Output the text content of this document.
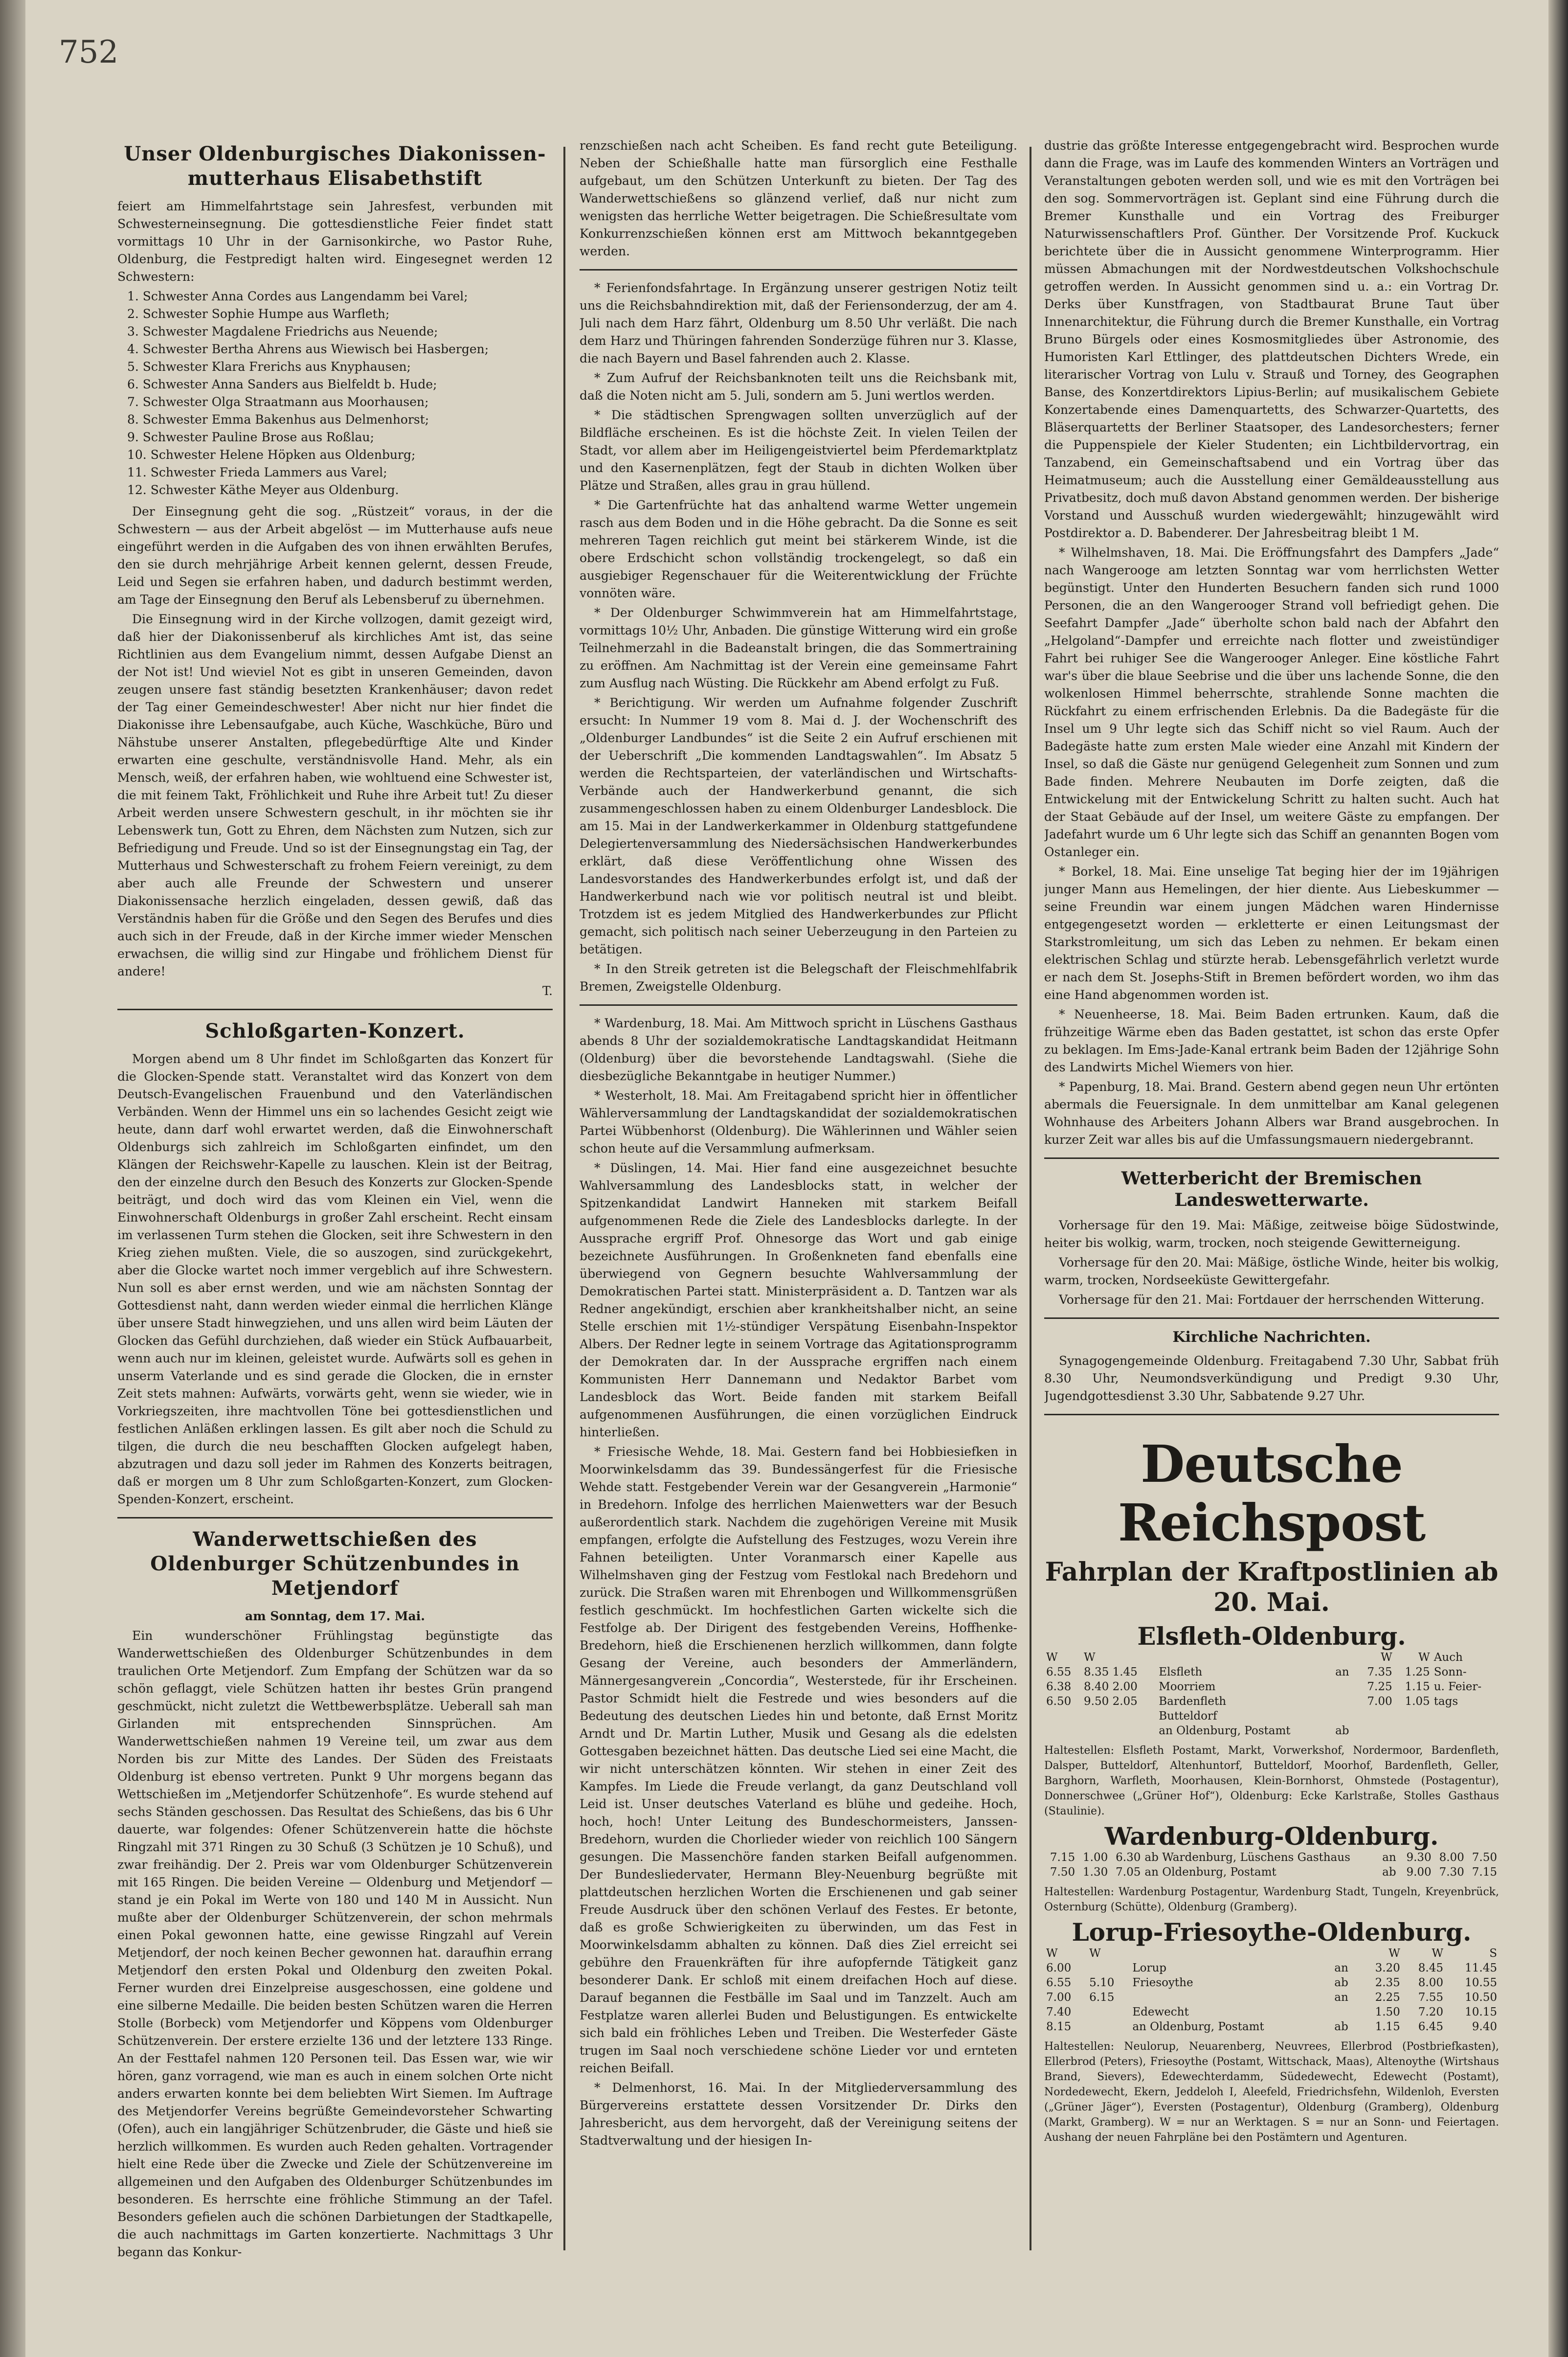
752
Unser Oldenburgisches Diakonissen-mutterhaus Elisabethstift

feiert am Himmelfahrtstage sein Jahresfest, verbunden mit Schwesterneinsegnung. Die gottesdienstliche Feier findet statt vormittags 10 Uhr in der Garnisonkirche, wo Pastor Ruhe, Oldenburg, die Festpredigt halten wird. Eingesegnet werden 12 Schwestern:

1. Schwester Anna Cordes aus Langendamm bei Varel;
2. Schwester Sophie Humpe aus Warfleth;
3. Schwester Magdalene Friedrichs aus Neuende;
4. Schwester Bertha Ahrens aus Wiewisch bei Hasbergen;
5. Schwester Klara Frerichs aus Knyphausen;
6. Schwester Anna Sanders aus Bielfeldt b. Hude;
7. Schwester Olga Straatmann aus Moorhausen;
8. Schwester Emma Bakenhus aus Delmenhorst;
9. Schwester Pauline Brose aus Roßlau;
10. Schwester Helene Höpken aus Oldenburg;
11. Schwester Frieda Lammers aus Varel;
12. Schwester Käthe Meyer aus Oldenburg.

Der Einsegnung geht die sog. „Rüstzeit“ voraus, in der die Schwestern — aus der Arbeit abgelöst — im Mutterhause aufs neue eingeführt werden in die Aufgaben des von ihnen erwählten Berufes, den sie durch mehrjährige Arbeit kennen gelernt, dessen Freude, Leid und Segen sie erfahren haben, und dadurch bestimmt werden, am Tage der Einsegnung den Beruf als Lebensberuf zu übernehmen.

Die Einsegnung wird in der Kirche vollzogen, damit gezeigt wird, daß hier der Diakonissenberuf als kirchliches Amt ist, das seine Richtlinien aus dem Evangelium nimmt, dessen Aufgabe Dienst an der Not ist! Und wieviel Not es gibt in unseren Gemeinden, davon zeugen unsere fast ständig besetzten Krankenhäuser; davon redet der Tag einer Gemeindeschwester! Aber nicht nur hier findet die Diakonisse ihre Lebensaufgabe, auch Küche, Waschküche, Büro und Nähstube unserer Anstalten, pflegebedürftige Alte und Kinder erwarten eine geschulte, verständnisvolle Hand. Mehr, als ein Mensch, weiß, der erfahren haben, wie wohltuend eine Schwester ist, die mit feinem Takt, Fröhlichkeit und Ruhe ihre Arbeit tut! Zu dieser Arbeit werden unsere Schwestern geschult, in ihr möchten sie ihr Lebenswerk tun, Gott zu Ehren, dem Nächsten zum Nutzen, sich zur Befriedigung und Freude. Und so ist der Einsegnungstag ein Tag, der Mutterhaus und Schwesterschaft zu frohem Feiern vereinigt, zu dem aber auch alle Freunde der Schwestern und unserer Diakonissensache herzlich eingeladen, dessen gewiß, daß das Verständnis haben für die Größe und den Segen des Berufes und dies auch sich in der Freude, daß in der Kirche immer wieder Menschen erwachsen, die willig sind zur Hingabe und fröhlichem Dienst für andere!

T.

Schloßgarten-Konzert.

Morgen abend um 8 Uhr findet im Schloßgarten das Konzert für die Glocken-Spende statt. Veranstaltet wird das Konzert von dem Deutsch-Evangelischen Frauenbund und den Vaterländischen Verbänden. Wenn der Himmel uns ein so lachendes Gesicht zeigt wie heute, dann darf wohl erwartet werden, daß die Einwohnerschaft Oldenburgs sich zahlreich im Schloßgarten einfindet, um den Klängen der Reichswehr-Kapelle zu lauschen. Klein ist der Beitrag, den der einzelne durch den Besuch des Konzerts zur Glocken-Spende beiträgt, und doch wird das vom Kleinen ein Viel, wenn die Einwohnerschaft Oldenburgs in großer Zahl erscheint. Recht einsam im verlassenen Turm stehen die Glocken, seit ihre Schwestern in den Krieg ziehen mußten. Viele, die so auszogen, sind zurückgekehrt, aber die Glocke wartet noch immer vergeblich auf ihre Schwestern. Nun soll es aber ernst werden, und wie am nächsten Sonntag der Gottesdienst naht, dann werden wieder einmal die herrlichen Klänge über unsere Stadt hinwegziehen, und uns allen wird beim Läuten der Glocken das Gefühl durchziehen, daß wieder ein Stück Aufbauarbeit, wenn auch nur im kleinen, geleistet wurde. Aufwärts soll es gehen in unserm Vaterlande und es sind gerade die Glocken, die in ernster Zeit stets mahnen: Aufwärts, vorwärts geht, wenn sie wieder, wie in Vorkriegszeiten, ihre machtvollen Töne bei gottesdienstlichen und festlichen Anläßen erklingen lassen. Es gilt aber noch die Schuld zu tilgen, die durch die neu beschafften Glocken aufgelegt haben, abzutragen und dazu soll jeder im Rahmen des Konzerts beitragen, daß er morgen um 8 Uhr zum Schloßgarten-Konzert, zum Glocken-Spenden-Konzert, erscheint.

Wanderwettschießen des Oldenburger Schützenbundes in Metjendorf

am Sonntag, dem 17. Mai.

Ein wunderschöner Frühlingstag begünstigte das Wanderwettschießen des Oldenburger Schützenbundes in dem traulichen Orte Metjendorf. Zum Empfang der Schützen war da so schön geflaggt, viele Schützen hatten ihr bestes Grün prangend geschmückt, nicht zuletzt die Wettbewerbsplätze. Ueberall sah man Girlanden mit entsprechenden Sinnsprüchen. Am Wanderwettschießen nahmen 19 Vereine teil, um zwar aus dem Norden bis zur Mitte des Landes. Der Süden des Freistaats Oldenburg ist ebenso vertreten. Punkt 9 Uhr morgens begann das Wettschießen im „Metjendorfer Schützenhofe“. Es wurde stehend auf sechs Ständen geschossen. Das Resultat des Schießens, das bis 6 Uhr dauerte, war folgendes: Ofener Schützenverein hatte die höchste Ringzahl mit 371 Ringen zu 30 Schuß (3 Schützen je 10 Schuß), und zwar freihändig. Der 2. Preis war vom Oldenburger Schützenverein mit 165 Ringen. Die beiden Vereine — Oldenburg und Metjendorf — stand je ein Pokal im Werte von 180 und 140 M in Aussicht. Nun mußte aber der Oldenburger Schützenverein, der schon mehrmals einen Pokal gewonnen hatte, eine gewisse Ringzahl auf Verein Metjendorf, der noch keinen Becher gewonnen hat. daraufhin errang Metjendorf den ersten Pokal und Oldenburg den zweiten Pokal. Ferner wurden drei Einzelpreise ausgeschossen, eine goldene und eine silberne Medaille. Die beiden besten Schützen waren die Herren Stolle (Borbeck) vom Metjendorfer und Köppens vom Oldenburger Schützenverein. Der erstere erzielte 136 und der letztere 133 Ringe. An der Festtafel nahmen 120 Personen teil. Das Essen war, wie wir hören, ganz vorragend, wie man es auch in einem solchen Orte nicht anders erwarten konnte bei dem beliebten Wirt Siemen. Im Auftrage des Metjendorfer Vereins begrüßte Gemeindevorsteher Schwarting (Ofen), auch ein langjähriger Schützenbruder, die Gäste und hieß sie herzlich willkommen. Es wurden auch Reden gehalten. Vortragender hielt eine Rede über die Zwecke und Ziele der Schützenvereine im allgemeinen und den Aufgaben des Oldenburger Schützenbundes im besonderen. Es herrschte eine fröhliche Stimmung an der Tafel. Besonders gefielen auch die schönen Darbietungen der Stadtkapelle, die auch nachmittags im Garten konzertierte. Nachmittags 3 Uhr begann das Konkur-

renzschießen nach acht Scheiben. Es fand recht gute Beteiligung. Neben der Schießhalle hatte man fürsorglich eine Festhalle aufgebaut, um den Schützen Unterkunft zu bieten. Der Tag des Wanderwettschießens so glänzend verlief, daß nur nicht zum wenigsten das herrliche Wetter beigetragen. Die Schießresultate vom Konkurrenzschießen können erst am Mittwoch bekanntgegeben werden.

* Ferienfondsfahrtage. In Ergänzung unserer gestrigen Notiz teilt uns die Reichsbahndirektion mit, daß der Feriensonderzug, der am 4. Juli nach dem Harz fährt, Oldenburg um 8.50 Uhr verläßt. Die nach dem Harz und Thüringen fahrenden Sonderzüge führen nur 3. Klasse, die nach Bayern und Basel fahrenden auch 2. Klasse.

* Zum Aufruf der Reichsbanknoten teilt uns die Reichsbank mit, daß die Noten nicht am 5. Juli, sondern am 5. Juni wertlos werden.

* Die städtischen Sprengwagen sollten unverzüglich auf der Bildfläche erscheinen. Es ist die höchste Zeit. In vielen Teilen der Stadt, vor allem aber im Heiligengeistviertel beim Pferdemarktplatz und den Kasernenplätzen, fegt der Staub in dichten Wolken über Plätze und Straßen, alles grau in grau hüllend.

* Die Gartenfrüchte hat das anhaltend warme Wetter ungemein rasch aus dem Boden und in die Höhe gebracht. Da die Sonne es seit mehreren Tagen reichlich gut meint bei stärkerem Winde, ist die obere Erdschicht schon vollständig trockengelegt, so daß ein ausgiebiger Regenschauer für die Weiterentwicklung der Früchte vonnöten wäre.

* Der Oldenburger Schwimmverein hat am Himmelfahrtstage, vormittags 10½ Uhr, Anbaden. Die günstige Witterung wird ein große Teilnehmerzahl in die Badeanstalt bringen, die das Sommertraining zu eröffnen. Am Nachmittag ist der Verein eine gemeinsame Fahrt zum Ausflug nach Wüsting. Die Rückkehr am Abend erfolgt zu Fuß.

* Berichtigung. Wir werden um Aufnahme folgender Zuschrift ersucht: In Nummer 19 vom 8. Mai d. J. der Wochenschrift des „Oldenburger Landbundes“ ist die Seite 2 ein Aufruf erschienen mit der Ueberschrift „Die kommenden Landtagswahlen“. Im Absatz 5 werden die Rechtsparteien, der vaterländischen und Wirtschafts-Verbände auch der Handwerkerbund genannt, die sich zusammengeschlossen haben zu einem Oldenburger Landesblock. Die am 15. Mai in der Landwerkerkammer in Oldenburg stattgefundene Delegiertenversammlung des Niedersächsischen Handwerkerbundes erklärt, daß diese Veröffentlichung ohne Wissen des Landesvorstandes des Handwerkerbundes erfolgt ist, und daß der Handwerkerbund nach wie vor politisch neutral ist und bleibt. Trotzdem ist es jedem Mitglied des Handwerkerbundes zur Pflicht gemacht, sich politisch nach seiner Ueberzeugung in den Parteien zu betätigen.

* In den Streik getreten ist die Belegschaft der Fleischmehlfabrik Bremen, Zweigstelle Oldenburg.

* Wardenburg, 18. Mai. Am Mittwoch spricht in Lüschens Gasthaus abends 8 Uhr der sozialdemokratische Landtagskandidat Heitmann (Oldenburg) über die bevorstehende Landtagswahl. (Siehe die diesbezügliche Bekanntgabe in heutiger Nummer.)

* Westerholt, 18. Mai. Am Freitagabend spricht hier in öffentlicher Wählerversammlung der Landtagskandidat der sozialdemokratischen Partei Wübbenhorst (Oldenburg). Die Wählerinnen und Wähler seien schon heute auf die Versammlung aufmerksam.

* Düslingen, 14. Mai. Hier fand eine ausgezeichnet besuchte Wahlversammlung des Landesblocks statt, in welcher der Spitzenkandidat Landwirt Hanneken mit starkem Beifall aufgenommenen Rede die Ziele des Landesblocks darlegte. In der Aussprache ergriff Prof. Ohnesorge das Wort und gab einige bezeichnete Ausführungen. In Großenkneten fand ebenfalls eine überwiegend von Gegnern besuchte Wahlversammlung der Demokratischen Partei statt. Ministerpräsident a. D. Tantzen war als Redner angekündigt, erschien aber krankheitshalber nicht, an seine Stelle erschien mit 1½-stündiger Verspätung Eisenbahn-Inspektor Albers. Der Redner legte in seinem Vortrage das Agitationsprogramm der Demokraten dar. In der Aussprache ergriffen nach einem Kommunisten Herr Dannemann und Nedaktor Barbet vom Landesblock das Wort. Beide fanden mit starkem Beifall aufgenommenen Ausführungen, die einen vorzüglichen Eindruck hinterließen.

* Friesische Wehde, 18. Mai. Gestern fand bei Hobbiesiefken in Moorwinkelsdamm das 39. Bundessängerfest für die Friesische Wehde statt. Festgebender Verein war der Gesangverein „Harmonie“ in Bredehorn. Infolge des herrlichen Maienwetters war der Besuch außerordentlich stark. Nachdem die zugehörigen Vereine mit Musik empfangen, erfolgte die Aufstellung des Festzuges, wozu Verein ihre Fahnen beteiligten. Unter Voranmarsch einer Kapelle aus Wilhelmshaven ging der Festzug vom Festlokal nach Bredehorn und zurück. Die Straßen waren mit Ehrenbogen und Willkommensgrüßen festlich geschmückt. Im hochfestlichen Garten wickelte sich die Festfolge ab. Der Dirigent des festgebenden Vereins, Hoffhenke-Bredehorn, hieß die Erschienenen herzlich willkommen, dann folgte Gesang der Vereine, auch besonders der Ammerländern, Männergesangverein „Concordia“, Westerstede, für ihr Erscheinen. Pastor Schmidt hielt die Festrede und wies besonders auf die Bedeutung des deutschen Liedes hin und betonte, daß Ernst Moritz Arndt und Dr. Martin Luther, Musik und Gesang als die edelsten Gottesgaben bezeichnet hätten. Das deutsche Lied sei eine Macht, die wir nicht unterschätzen könnten. Wir stehen in einer Zeit des Kampfes. Im Liede die Freude verlangt, da ganz Deutschland voll Leid ist. Unser deutsches Vaterland es blühe und gedeihe. Hoch, hoch, hoch! Unter Leitung des Bundeschormeisters, Janssen-Bredehorn, wurden die Chorlieder wieder von reichlich 100 Sängern gesungen. Die Massenchöre fanden starken Beifall aufgenommen. Der Bundesliedervater, Hermann Bley-Neuenburg begrüßte mit plattdeutschen herzlichen Worten die Erschienenen und gab seiner Freude Ausdruck über den schönen Verlauf des Festes. Er betonte, daß es große Schwierigkeiten zu überwinden, um das Fest in Moorwinkelsdamm abhalten zu können. Daß dies Ziel erreicht sei gebühre den Frauenkräften für ihre aufopfernde Tätigkeit ganz besonderer Dank. Er schloß mit einem dreifachen Hoch auf diese. Darauf begannen die Festbälle im Saal und im Tanzzelt. Auch am Festplatze waren allerlei Buden und Belustigungen. Es entwickelte sich bald ein fröhliches Leben und Treiben. Die Westerfeder Gäste trugen im Saal noch verschiedene schöne Lieder vor und ernteten reichen Beifall.

* Delmenhorst, 16. Mai. In der Mitgliederversammlung des Bürgervereins erstattete dessen Vorsitzender Dr. Dirks den Jahresbericht, aus dem hervorgeht, daß der Vereinigung seitens der Stadtverwaltung und der hiesigen In-

dustrie das größte Interesse entgegengebracht wird. Besprochen wurde dann die Frage, was im Laufe des kommenden Winters an Vorträgen und Veranstaltungen geboten werden soll, und wie es mit den Vorträgen bei den sog. Sommervorträgen ist. Geplant sind eine Führung durch die Bremer Kunsthalle und ein Vortrag des Freiburger Naturwissenschaftlers Prof. Günther. Der Vorsitzende Prof. Kuckuck berichtete über die in Aussicht genommene Winterprogramm. Hier müssen Abmachungen mit der Nordwestdeutschen Volkshochschule getroffen werden. In Aussicht genommen sind u. a.: ein Vortrag Dr. Derks über Kunstfragen, von Stadtbaurat Brune Taut über Innenarchitektur, die Führung durch die Bremer Kunsthalle, ein Vortrag Bruno Bürgels oder eines Kosmosmitgliedes über Astronomie, des Humoristen Karl Ettlinger, des plattdeutschen Dichters Wrede, ein literarischer Vortrag von Lulu v. Strauß und Torney, des Geographen Banse, des Konzertdirektors Lipius-Berlin; auf musikalischem Gebiete Konzertabende eines Damenquartetts, des Schwarzer-Quartetts, des Bläserquartetts der Berliner Staatsoper, des Landesorchesters; ferner die Puppenspiele der Kieler Studenten; ein Lichtbildervortrag, ein Tanzabend, ein Gemeinschaftsabend und ein Vortrag über das Heimatmuseum; auch die Ausstellung einer Gemäldeausstellung aus Privatbesitz, doch muß davon Abstand genommen werden. Der bisherige Vorstand und Ausschuß wurden wiedergewählt; hinzugewählt wird Postdirektor a. D. Babenderer. Der Jahresbeitrag bleibt 1 M.

* Wilhelmshaven, 18. Mai. Die Eröffnungsfahrt des Dampfers „Jade“ nach Wangerooge am letzten Sonntag war vom herrlichsten Wetter begünstigt. Unter den Hunderten Besuchern fanden sich rund 1000 Personen, die an den Wangerooger Strand voll befriedigt gehen. Die Seefahrt Dampfer „Jade“ überholte schon bald nach der Abfahrt den „Helgoland“-Dampfer und erreichte nach flotter und zweistündiger Fahrt bei ruhiger See die Wangerooger Anleger. Eine köstliche Fahrt war's über die blaue Seebrise und die über uns lachende Sonne, die den wolkenlosen Himmel beherrschte, strahlende Sonne machten die Rückfahrt zu einem erfrischenden Erlebnis. Da die Badegäste für die Insel um 9 Uhr legte sich das Schiff nicht so viel Raum. Auch der Badegäste hatte zum ersten Male wieder eine Anzahl mit Kindern der Insel, so daß die Gäste nur genügend Gelegenheit zum Sonnen und zum Bade finden. Mehrere Neubauten im Dorfe zeigten, daß die Entwickelung mit der Entwickelung Schritt zu halten sucht. Auch hat der Staat Gebäude auf der Insel, um weitere Gäste zu empfangen. Der Jadefahrt wurde um 6 Uhr legte sich das Schiff an genannten Bogen vom Ostanleger ein.

* Borkel, 18. Mai. Eine unselige Tat beging hier der im 19jährigen junger Mann aus Hemelingen, der hier diente. Aus Liebeskummer — seine Freundin war einem jungen Mädchen waren Hindernisse entgegengesetzt worden — erkletterte er einen Leitungsmast der Starkstromleitung, um sich das Leben zu nehmen. Er bekam einen elektrischen Schlag und stürzte herab. Lebensgefährlich verletzt wurde er nach dem St. Josephs-Stift in Bremen befördert worden, wo ihm das eine Hand abgenommen worden ist.

* Neuenheerse, 18. Mai. Beim Baden ertrunken. Kaum, daß die frühzeitige Wärme eben das Baden gestattet, ist schon das erste Opfer zu beklagen. Im Ems-Jade-Kanal ertrank beim Baden der 12jährige Sohn des Landwirts Michel Wiemers von hier.

* Papenburg, 18. Mai. Brand. Gestern abend gegen neun Uhr ertönten abermals die Feuersignale. In dem unmittelbar am Kanal gelegenen Wohnhause des Arbeiters Johann Albers war Brand ausgebrochen. In kurzer Zeit war alles bis auf die Umfassungsmauern niedergebrannt.

Wetterbericht der Bremischen Landeswetterwarte.

Vorhersage für den 19. Mai: Mäßige, zeitweise böige Südostwinde, heiter bis wolkig, warm, trocken, noch steigende Gewitterneigung.

Vorhersage für den 20. Mai: Mäßige, östliche Winde, heiter bis wolkig, warm, trocken, Nordseeküste Gewittergefahr.

Vorhersage für den 21. Mai: Fortdauer der herrschenden Witterung.

Kirchliche Nachrichten.

Synagogengemeinde Oldenburg. Freitagabend 7.30 Uhr, Sabbat früh 8.30 Uhr, Neumondsverkündigung und Predigt 9.30 Uhr, Jugendgottesdienst 3.30 Uhr, Sabbatende 9.27 Uhr.

Deutsche Reichspost
Fahrplan der Kraftpostlinien ab 20. Mai.
Elsfleth-Oldenburg.
W	W			W	W	Auch
6.55	8.35 1.45	Elsfleth	an	7.35	1.25	Sonn-
6.38	8.40 2.00	Moorriem		7.25	1.15	u. Feier-
6.50	9.50 2.05	Bardenfleth		7.00	1.05	tags
		Butteldorf				
		an Oldenburg, Postamt	ab			

Haltestellen: Elsfleth Postamt, Markt, Vorwerkshof, Nordermoor, Bardenfleth, Dalsper, Butteldorf, Altenhuntorf, Butteldorf, Moorhof, Bardenfleth, Geller, Barghorn, Warfleth, Moorhausen, Klein-Bornhorst, Ohmstede (Postagentur), Donnerschwee („Grüner Hof“), Oldenburg: Ecke Karlstraße, Stolles Gasthaus (Staulinie).

Wardenburg-Oldenburg.
7.15	1.00	6.30	ab Wardenburg, Lüschens Gasthaus	an	9.30	8.00	7.50
7.50	1.30	7.05	an Oldenburg, Postamt	ab	9.00	7.30	7.15

Haltestellen: Wardenburg Postagentur, Wardenburg Stadt, Tungeln, Kreyenbrück, Osternburg (Schütte), Oldenburg (Gramberg).

Lorup-Friesoythe-Oldenburg.
W	W			W	W	S
6.00		Lorup	an	3.20	8.45	11.45
6.55	5.10	Friesoythe	ab	2.35	8.00	10.55
7.00	6.15		an	2.25	7.55	10.50
7.40		Edewecht		1.50	7.20	10.15
8.15		an Oldenburg, Postamt	ab	1.15	6.45	9.40

Haltestellen: Neulorup, Neuarenberg, Neuvrees, Ellerbrod (Postbriefkasten), Ellerbrod (Peters), Friesoythe (Postamt, Wittschack, Maas), Altenoythe (Wirtshaus Brand, Sievers), Edewechterdamm, Südedewecht, Edewecht (Postamt), Nordedewecht, Ekern, Jeddeloh I, Aleefeld, Friedrichsfehn, Wildenloh, Eversten („Grüner Jäger“), Eversten (Postagentur), Oldenburg (Gramberg), Oldenburg (Markt, Gramberg). W = nur an Werktagen. S = nur an Sonn- und Feiertagen. Aushang der neuen Fahrpläne bei den Postämtern und Agenturen.
